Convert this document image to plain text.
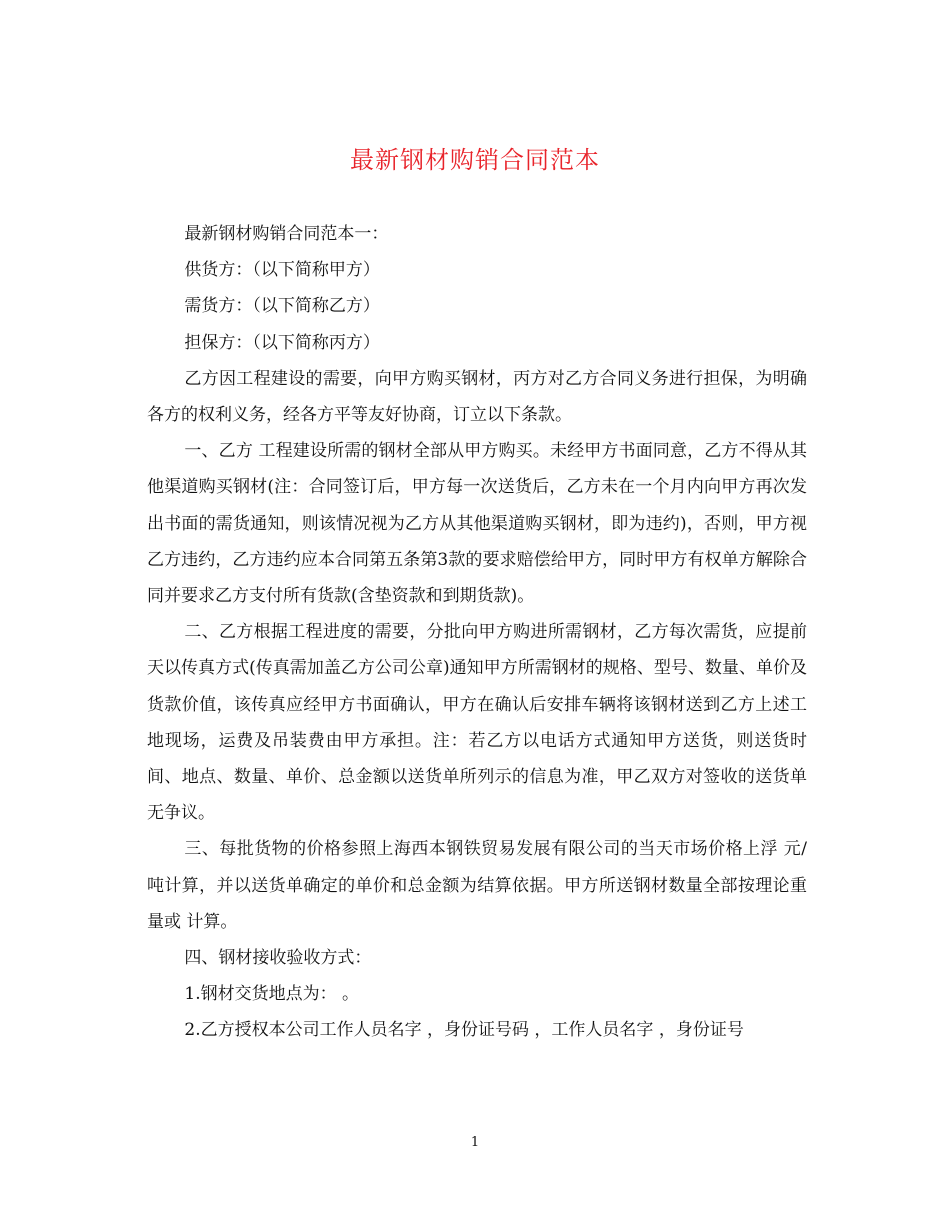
最新钢材购销合同范本

最新钢材购销合同范本一：

供货方：（以下简称甲方）

需货方：（以下简称乙方）

担保方：（以下简称丙方）

乙方因工程建设的需要，向甲方购买钢材，丙方对乙方合同义务进行担保，为明确各方的权利义务，经各方平等友好协商，订立以下条款。

一、乙方 工程建设所需的钢材全部从甲方购买。未经甲方书面同意，乙方不得从其他渠道购买钢材(注：合同签订后，甲方每一次送货后，乙方未在一个月内向甲方再次发出书面的需货通知，则该情况视为乙方从其他渠道购买钢材，即为违约)，否则，甲方视乙方违约，乙方违约应本合同第五条第3款的要求赔偿给甲方，同时甲方有权单方解除合同并要求乙方支付所有货款(含垫资款和到期货款)。

二、乙方根据工程进度的需要，分批向甲方购进所需钢材，乙方每次需货，应提前 天以传真方式(传真需加盖乙方公司公章)通知甲方所需钢材的规格、型号、数量、单价及货款价值，该传真应经甲方书面确认，甲方在确认后安排车辆将该钢材送到乙方上述工地现场，运费及吊装费由甲方承担。注：若乙方以电话方式通知甲方送货，则送货时间、地点、数量、单价、总金额以送货单所列示的信息为准，甲乙双方对签收的送货单无争议。

三、每批货物的价格参照上海西本钢铁贸易发展有限公司的当天市场价格上浮 元/吨计算，并以送货单确定的单价和总金额为结算依据。甲方所送钢材数量全部按理论重量或 计算。

四、钢材接收验收方式：

1.钢材交货地点为： 。

2.乙方授权本公司工作人员名字 ，身份证号码 ，工作人员名字 ，身份证号

1
